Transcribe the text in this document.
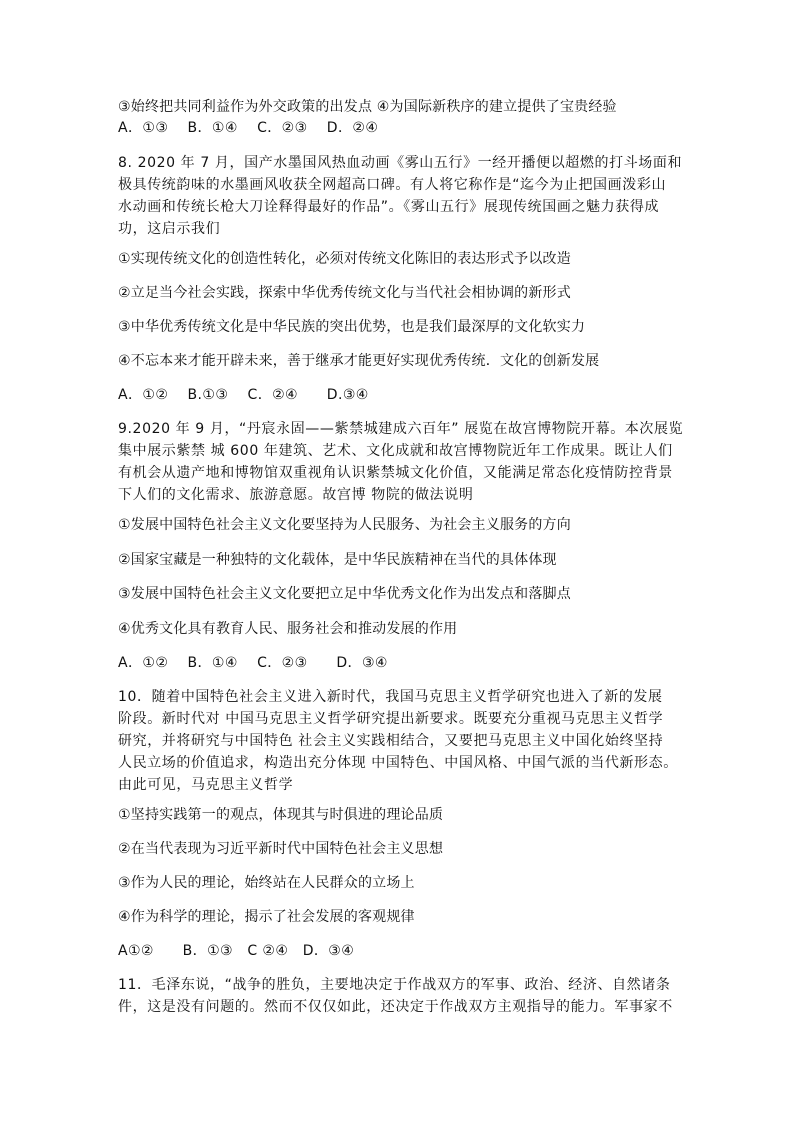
③始终把共同利益作为外交政策的出发点 ④为国际新秩序的建立提供了宝贵经验
A．①③　 B．①④　 C．②③　 D．②④
8. 2020 年 7 月，国产水墨国风热血动画《雾山五行》一经开播便以超燃的打斗场面和
极具传统韵味的水墨画风收获全网超高口碑。有人将它称作是“迄今为止把国画泼彩山
水动画和传统长枪大刀诠释得最好的作品”。《雾山五行》展现传统国画之魅力获得成
功，这启示我们
①实现传统文化的创造性转化，必须对传统文化陈旧的表达形式予以改造
②立足当今社会实践，探索中华优秀传统文化与当代社会相协调的新形式
③中华优秀传统文化是中华民族的突出优势，也是我们最深厚的文化软实力
④不忘本来才能开辟未来，善于继承才能更好实现优秀传统．文化的创新发展
A．①②　 B.①③　 C．②④　　D.③④
9.2020 年 9 月，“丹宸永固——紫禁城建成六百年” 展览在故宫博物院开幕。本次展览
集中展示紫禁 城 600 年建筑、艺术、文化成就和故宫博物院近年工作成果。既让人们
有机会从遗产地和博物馆双重视角认识紫禁城文化价值，又能满足常态化疫情防控背景
下人们的文化需求、旅游意愿。故宫博 物院的做法说明
①发展中国特色社会主义文化要坚持为人民服务、为社会主义服务的方向
②国家宝藏是一种独特的文化载体，是中华民族精神在当代的具体体现
③发展中国特色社会主义文化要把立足中华优秀文化作为出发点和落脚点
④优秀文化具有教育人民、服务社会和推动发展的作用
A．①②　 B．①④　 C．②③　　D．③④
10．随着中国特色社会主义进入新时代，我国马克思主义哲学研究也进入了新的发展
阶段。新时代对 中国马克思主义哲学研究提出新要求。既要充分重视马克思主义哲学
研究，并将研究与中国特色 社会主义实践相结合，又要把马克思主义中国化始终坚持
人民立场的价值追求，构造出充分体现 中国特色、中国风格、中国气派的当代新形态。
由此可见，马克思主义哲学
①坚持实践第一的观点，体现其与时俱进的理论品质
②在当代表现为习近平新时代中国特色社会主义思想
③作为人民的理论，始终站在人民群众的立场上
④作为科学的理论，揭示了社会发展的客观规律
A①②　　B．①③　C ②④　D．③④
11．毛泽东说，“战争的胜负，主要地决定于作战双方的军事、政治、经济、自然诸条
件，这是没有问题的。然而不仅仅如此，还决定于作战双方主观指导的能力。军事家不
